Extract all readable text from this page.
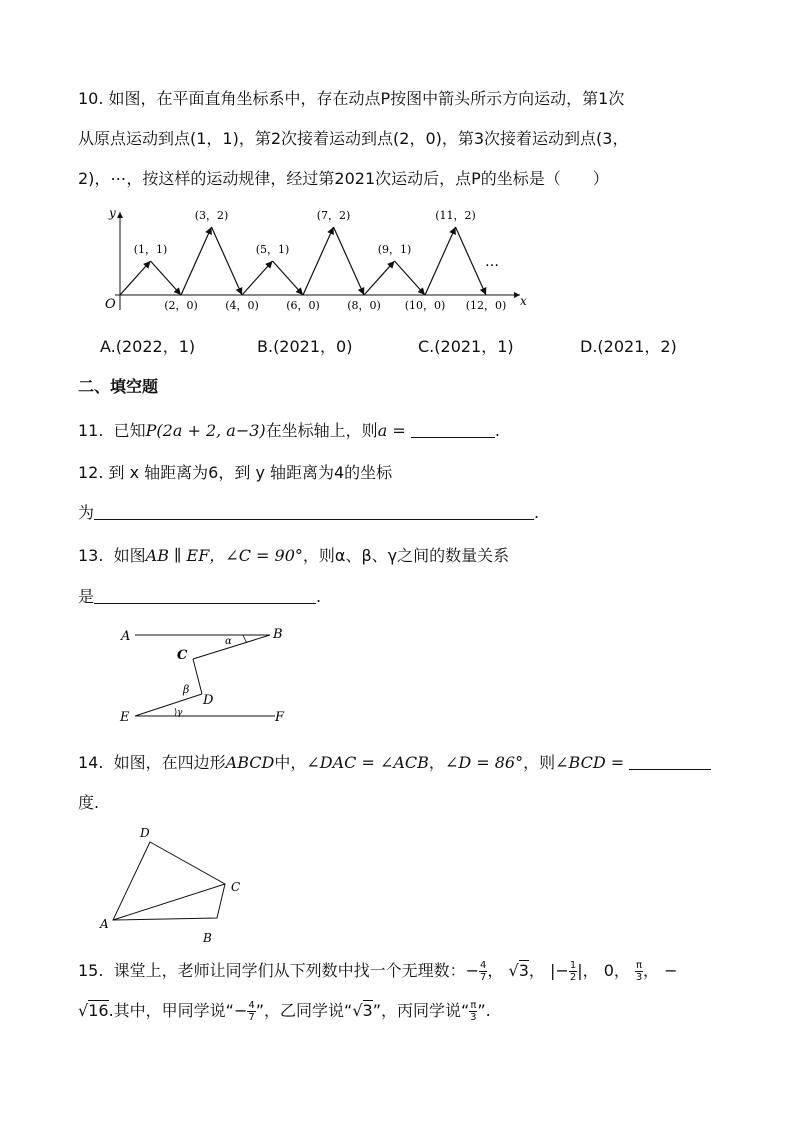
10. 如图，在平面直角坐标系中，存在动点P按图中箭头所示方向运动，第1次
从原点运动到点(1，1)，第2次接着运动到点(2，0)，第3次接着运动到点(3，
2)，⋯，按这样的运动规律，经过第2021次运动后，点P的坐标是（　　）
x
y
O
(1，1)
(2，0)
(3，2)
(4，0)
(5，1)
(6，0)
(7，2)
(8，0)
(9，1)
(10，0)
(11，2)
(12，0)
…
A.(2022，1)	B.(2021，0)	C.(2021，1)	D.(2021，2)
二、填空题
11. 已知P(2a + 2, a−3)在坐标轴上，则a =	.
12. 到 x 轴距离为6，到 y 轴距离为4的坐标
为	.
13. 如图AB ∥ EF，∠C = 90°，则α、β、γ之间的数量关系
是	.
A	B
C
D
E	F
α
β
γ
14. 如图，在四边形ABCD中，∠DAC = ∠ACB，∠D = 86°，则∠BCD =
度.
D
C
A
B
15. 课堂上，老师让同学们从下列数中找一个无理数：− $\frac{4}{7}$ ， √3， |− $\frac{1}{2}$ |， 0， $\frac{\pi}{3}$ ， −
√16.其中，甲同学说“− $\frac{4}{7}$ ”，乙同学说“√3”，丙同学说“ $\frac{\pi}{3}$ ”.
